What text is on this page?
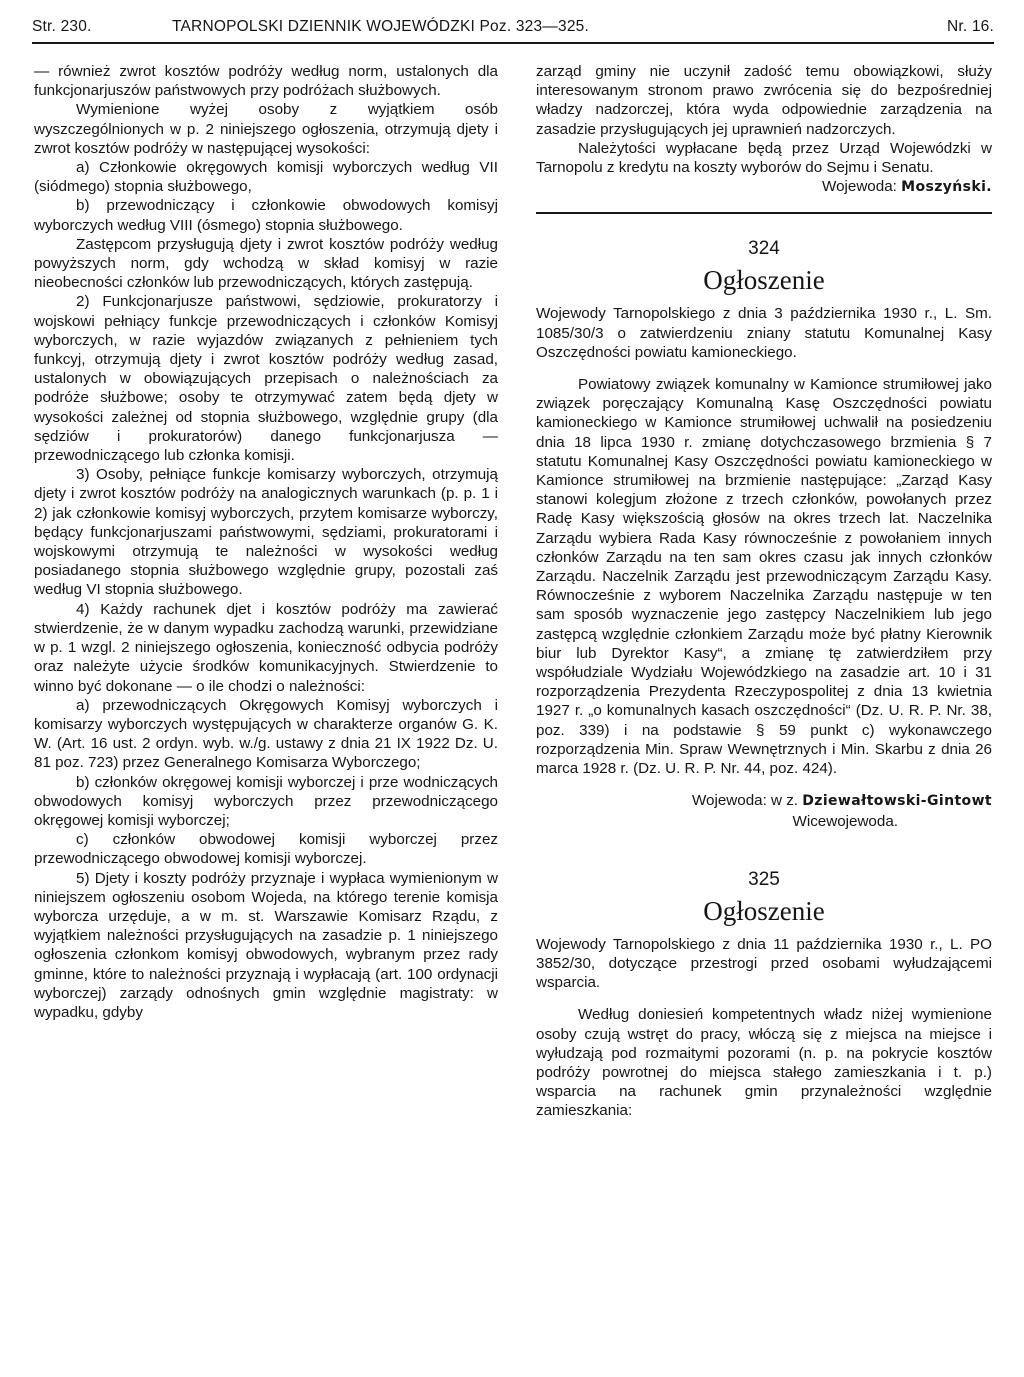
Str. 230.	TARNOPOLSKI DZIENNIK WOJEWÓDZKI Poz. 323—325.	Nr. 16.

— również zwrot kosztów podróży według norm, ustalonych dla funkcjonarjuszów państwowych przy podróżach służbowych.

Wymienione wyżej osoby z wyjątkiem osób wyszczególnionych w p. 2 niniejszego ogłoszenia, otrzymują djety i zwrot kosztów podróży w następującej wysokości:

a) Członkowie okręgowych komisji wyborczych według VII (siódmego) stopnia służbowego,

b) przewodniczący i członkowie obwodowych komisyj wyborczych według VIII (ósmego) stopnia służbowego.

Zastępcom przysługują djety i zwrot kosztów podróży według powyższych norm, gdy wchodzą w skład komisyj w razie nieobecności członków lub przewodniczących, których zastępują.

2) Funkcjonarjusze państwowi, sędziowie, prokuratorzy i wojskowi pełniący funkcje przewodniczących i członków Komisyj wyborczych, w razie wyjazdów związanych z pełnieniem tych funkcyj, otrzymują djety i zwrot kosztów podróży według zasad, ustalonych w obowiązujących przepisach o należnościach za podróże służbowe; osoby te otrzymywać zatem będą djety w wysokości zależnej od stopnia służbowego, względnie grupy (dla sędziów i prokuratorów) danego funkcjonarjusza — przewodniczącego lub członka komisji.

3) Osoby, pełniące funkcje komisarzy wyborczych, otrzymują djety i zwrot kosztów podróży na analogicznych warunkach (p. p. 1 i 2) jak członkowie komisyj wyborczych, przytem komisarze wyborczy, będący funkcjonarjuszami państwowymi, sędziami, prokuratorami i wojskowymi otrzymują te należności w wysokości według posiadanego stopnia służbowego względnie grupy, pozostali zaś według VI stopnia służbowego.

4) Każdy rachunek djet i kosztów podróży ma zawierać stwierdzenie, że w danym wypadku zachodzą warunki, przewidziane w p. 1 wzgl. 2 niniejszego ogłoszenia, konieczność odbycia podróży oraz należyte użycie środków komunikacyjnych. Stwierdzenie to winno być dokonane — o ile chodzi o należności:

a) przewodniczących Okręgowych Komisyj wyborczych i komisarzy wyborczych występujących w charakterze organów G. K. W. (Art. 16 ust. 2 ordyn. wyb. w./g. ustawy z dnia 21 IX 1922 Dz. U. 81 poz. 723) przez Generalnego Komisarza Wyborczego;

b) członków okręgowej komisji wyborczej i prze wodniczących obwodowych komisyj wyborczych przez przewodniczącego okręgowej komisji wyborczej;

c) członków obwodowej komisji wyborczej przez przewodniczącego obwodowej komisji wyborczej.

5) Djety i koszty podróży przyznaje i wypłaca wymienionym w niniejszem ogłoszeniu osobom Wojeda, na którego terenie komisja wyborcza urzęduje, a w m. st. Warszawie Komisarz Rządu, z wyjątkiem należności przysługujących na zasadzie p. 1 niniejszego ogłoszenia członkom komisyj obwodowych, wybranym przez rady gminne, które to należności przyznają i wypłacają (art. 100 ordynacji wyborczej) zarządy odnośnych gmin względnie magistraty: w wypadku, gdyby

zarząd gminy nie uczynił zadość temu obowiązkowi, służy interesowanym stronom prawo zwrócenia się do bezpośredniej władzy nadzorczej, która wyda odpowiednie zarządzenia na zasadzie przysługujących jej uprawnień nadzorczych.

Należytości wypłacane będą przez Urząd Wojewódzki w Tarnopolu z kredytu na koszty wyborów do Sejmu i Senatu.

Wojewoda: Moszyński.

324

Ogłoszenie

Wojewody Tarnopolskiego z dnia 3 października 1930 r., L. Sm. 1085/30/3 o zatwierdzeniu zniany statutu Komunalnej Kasy Oszczędności powiatu kamioneckiego.

Powiatowy związek komunalny w Kamionce strumiłowej jako związek poręczający Komunalną Kasę Oszczędności powiatu kamioneckiego w Kamionce strumiłowej uchwalił na posiedzeniu dnia 18 lipca 1930 r. zmianę dotychczasowego brzmienia § 7 statutu Komunalnej Kasy Oszczędności powiatu kamioneckiego w Kamionce strumiłowej na brzmienie następujące: „Zarząd Kasy stanowi kolegjum złożone z trzech członków, powołanych przez Radę Kasy większością głosów na okres trzech lat. Naczelnika Zarządu wybiera Rada Kasy równocześnie z powołaniem innych członków Zarządu na ten sam okres czasu jak innych członków Zarządu. Naczelnik Zarządu jest przewodniczącym Zarządu Kasy. Równocześnie z wyborem Naczelnika Zarządu następuje w ten sam sposób wyznaczenie jego zastępcy Naczelnikiem lub jego zastępcą względnie członkiem Zarządu może być płatny Kierownik biur lub Dyrektor Kasy“, a zmianę tę zatwierdziłem przy współudziale Wydziału Wojewódzkiego na zasadzie art. 10 i 31 rozporządzenia Prezydenta Rzeczypospolitej z dnia 13 kwietnia 1927 r. „o komunalnych kasach oszczędności“ (Dz. U. R. P. Nr. 38, poz. 339) i na podstawie § 59 punkt c) wykonawczego rozporządzenia Min. Spraw Wewnętrznych i Min. Skarbu z dnia 26 marca 1928 r. (Dz. U. R. P. Nr. 44, poz. 424).

Wojewoda: w z. Dziewałtowski-Gintowt

Wicewojewoda.

325

Ogłoszenie

Wojewody Tarnopolskiego z dnia 11 października 1930 r., L. PO 3852/30, dotyczące przestrogi przed osobami wyłudzającemi wsparcia.

Według doniesień kompetentnych władz niżej wymienione osoby czują wstręt do pracy, włóczą się z miejsca na miejsce i wyłudzają pod rozmaitymi pozorami (n. p. na pokrycie kosztów podróży powrotnej do miejsca stałego zamieszkania i t. p.) wsparcia na rachunek gmin przynależności względnie zamieszkania:
